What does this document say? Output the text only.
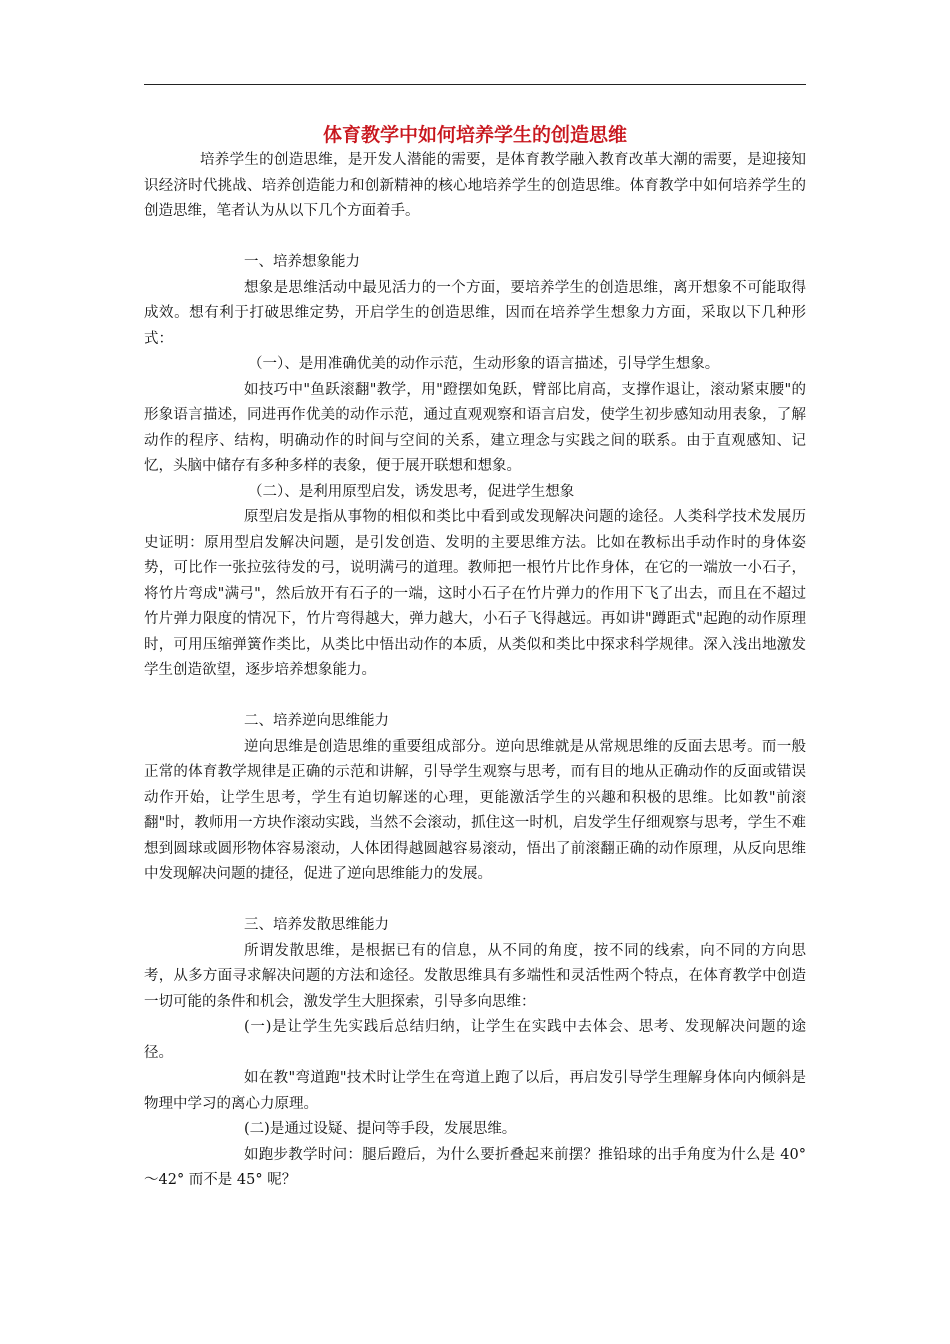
体育教学中如何培养学生的创造思维

培养学生的创造思维，是开发人潜能的需要，是体育教学融入教育改革大潮的需要，是迎接知识经济时代挑战、培养创造能力和创新精神的核心地培养学生的创造思维。体育教学中如何培养学生的创造思维，笔者认为从以下几个方面着手。

一、培养想象能力

想象是思维活动中最见活力的一个方面，要培养学生的创造思维，离开想象不可能取得成效。想有利于打破思维定势，开启学生的创造思维，因而在培养学生想象力方面，采取以下几种形式：

（一）、是用准确优美的动作示范，生动形象的语言描述，引导学生想象。

如技巧中"鱼跃滚翻"教学，用"蹬摆如兔跃，臂部比肩高，支撑作退让，滚动紧束腰"的形象语言描述，同进再作优美的动作示范，通过直观观察和语言启发，使学生初步感知动用表象，了解动作的程序、结构，明确动作的时间与空间的关系，建立理念与实践之间的联系。由于直观感知、记忆，头脑中储存有多种多样的表象，便于展开联想和想象。

（二）、是利用原型启发，诱发思考，促进学生想象

原型启发是指从事物的相似和类比中看到或发现解决问题的途径。人类科学技术发展历史证明：原用型启发解决问题，是引发创造、发明的主要思维方法。比如在教标出手动作时的身体姿势，可比作一张拉弦待发的弓，说明满弓的道理。教师把一根竹片比作身体，在它的一端放一小石子，将竹片弯成"满弓"，然后放开有石子的一端，这时小石子在竹片弹力的作用下飞了出去，而且在不超过竹片弹力限度的情况下，竹片弯得越大，弹力越大，小石子飞得越远。再如讲"蹲距式"起跑的动作原理时，可用压缩弹簧作类比，从类比中悟出动作的本质，从类似和类比中探求科学规律。深入浅出地激发学生创造欲望，逐步培养想象能力。

二、培养逆向思维能力

逆向思维是创造思维的重要组成部分。逆向思维就是从常规思维的反面去思考。而一般正常的体育教学规律是正确的示范和讲解，引导学生观察与思考，而有目的地从正确动作的反面或错误动作开始，让学生思考，学生有迫切解迷的心理，更能激活学生的兴趣和积极的思维。比如教"前滚翻"时，教师用一方块作滚动实践，当然不会滚动，抓住这一时机，启发学生仔细观察与思考，学生不难想到圆球或圆形物体容易滚动，人体团得越圆越容易滚动，悟出了前滚翻正确的动作原理，从反向思维中发现解决问题的捷径，促进了逆向思维能力的发展。

三、培养发散思维能力

所谓发散思维，是根据已有的信息，从不同的角度，按不同的线索，向不同的方向思考，从多方面寻求解决问题的方法和途径。发散思维具有多端性和灵活性两个特点，在体育教学中创造一切可能的条件和机会，激发学生大胆探索，引导多向思维：

(一)是让学生先实践后总结归纳，让学生在实践中去体会、思考、发现解决问题的途径。

如在教"弯道跑"技术时让学生在弯道上跑了以后，再启发引导学生理解身体向内倾斜是物理中学习的离心力原理。

(二)是通过设疑、提问等手段，发展思维。

如跑步教学时问：腿后蹬后，为什么要折叠起来前摆？推铅球的出手角度为什么是 40°～42° 而不是 45° 呢？
